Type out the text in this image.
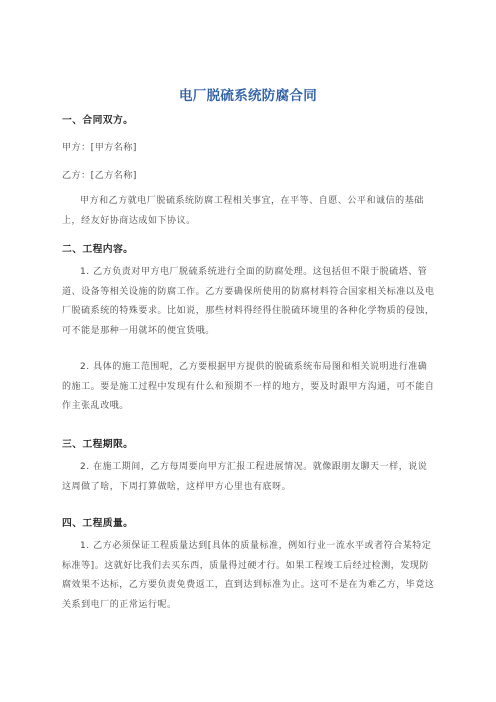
电厂脱硫系统防腐合同
一、合同双方。
甲方：[甲方名称]
乙方：[乙方名称]
甲方和乙方就电厂脱硫系统防腐工程相关事宜，在平等、自愿、公平和诚信的基础上，经友好协商达成如下协议。
二、工程内容。
1. 乙方负责对甲方电厂脱硫系统进行全面的防腐处理。这包括但不限于脱硫塔、管道、设备等相关设施的防腐工作。乙方要确保所使用的防腐材料符合国家相关标准以及电厂脱硫系统的特殊要求。比如说，那些材料得经得住脱硫环境里的各种化学物质的侵蚀，可不能是那种一用就坏的便宜货哦。
2. 具体的施工范围呢，乙方要根据甲方提供的脱硫系统布局图和相关说明进行准确的施工。要是施工过程中发现有什么和预期不一样的地方，要及时跟甲方沟通，可不能自作主张乱改哦。
三、工程期限。
2. 在施工期间，乙方每周要向甲方汇报工程进展情况。就像跟朋友聊天一样，说说这周做了啥，下周打算做啥，这样甲方心里也有底呀。
四、工程质量。
1. 乙方必须保证工程质量达到[具体的质量标准，例如行业一流水平或者符合某特定标准等]。这就好比我们去买东西，质量得过硬才行。如果工程竣工后经过检测，发现防腐效果不达标，乙方要负责免费返工，直到达到标准为止。这可不是在为难乙方，毕竟这关系到电厂的正常运行呢。
